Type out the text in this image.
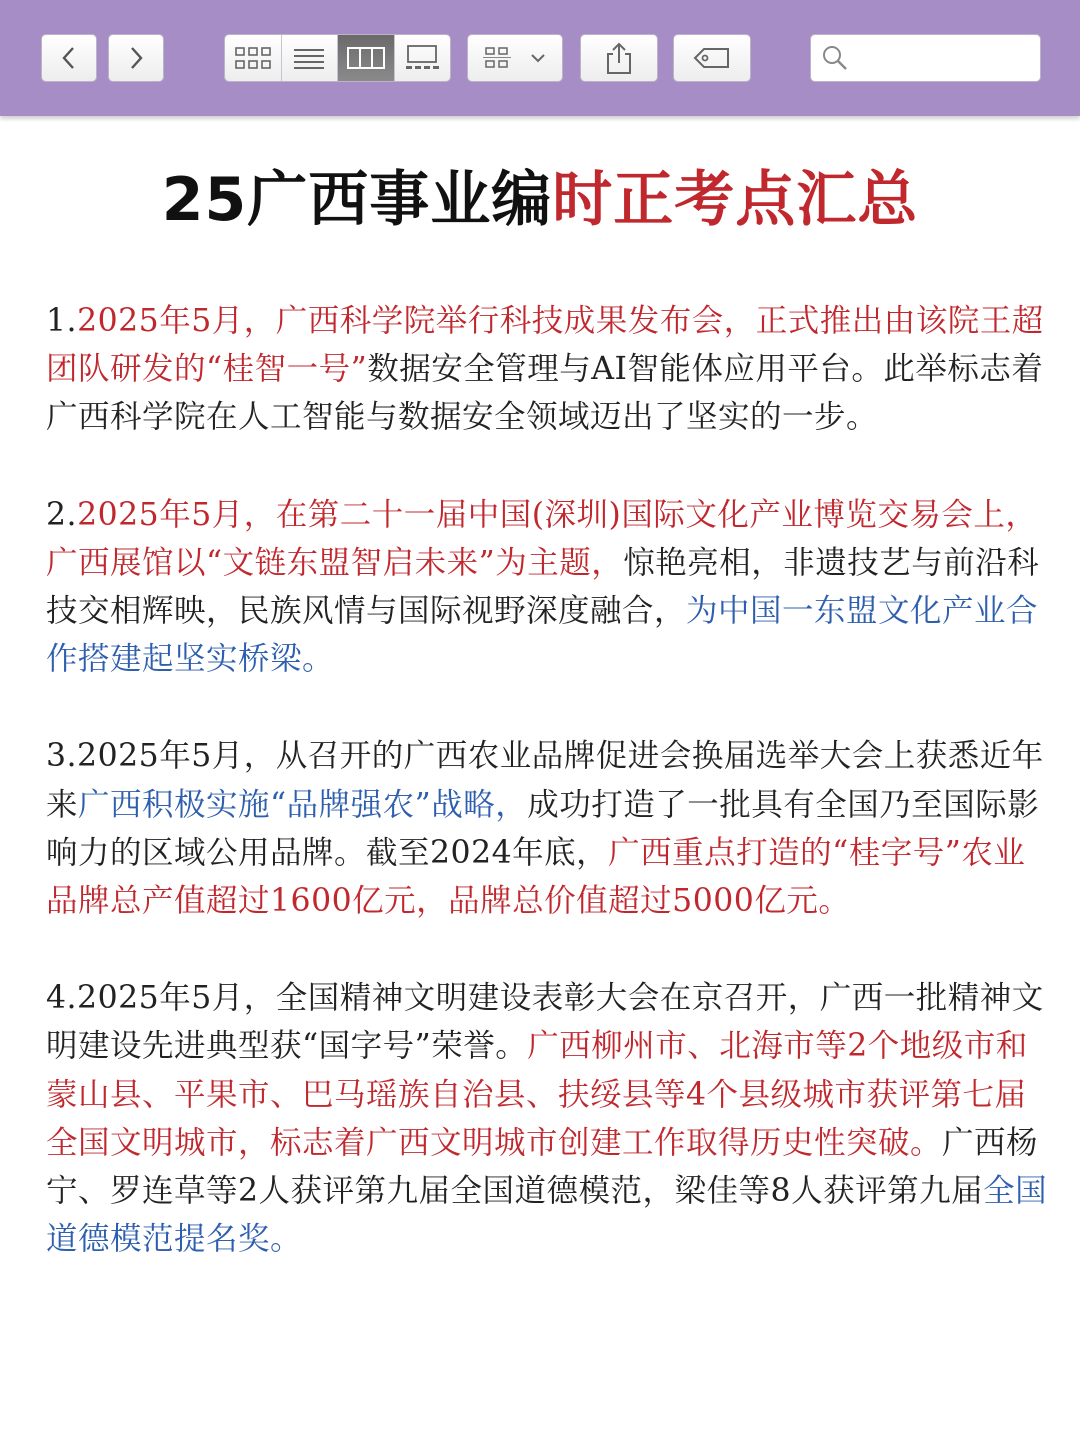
25广西事业编时正考点汇总

1.2025年5月，广西科学院举行科技成果发布会，正式推出由该院王超团队研发的“桂智一号”数据安全管理与AI智能体应用平台。此举标志着广西科学院在人工智能与数据安全领域迈出了坚实的一步。

2.2025年5月，在第二十一届中国(深圳)国际文化产业博览交易会上，广西展馆以“文链东盟智启未来”为主题，惊艳亮相，非遗技艺与前沿科技交相辉映，民族风情与国际视野深度融合，为中国一东盟文化产业合作搭建起坚实桥梁。

3.2025年5月，从召开的广西农业品牌促进会换届选举大会上获悉近年来广西积极实施“品牌强农”战略，成功打造了一批具有全国乃至国际影响力的区域公用品牌。截至2024年底，广西重点打造的“桂字号”农业品牌总产值超过1600亿元，品牌总价值超过5000亿元。

4.2025年5月，全国精神文明建设表彰大会在京召开，广西一批精神文明建设先进典型获“国字号”荣誉。广西柳州市、北海市等2个地级市和蒙山县、平果市、巴马瑶族自治县、扶绥县等4个县级城市获评第七届全国文明城市，标志着广西文明城市创建工作取得历史性突破。广西杨宁、罗连草等2人获评第九届全国道德模范，梁佳等8人获评第九届全国道德模范提名奖。
